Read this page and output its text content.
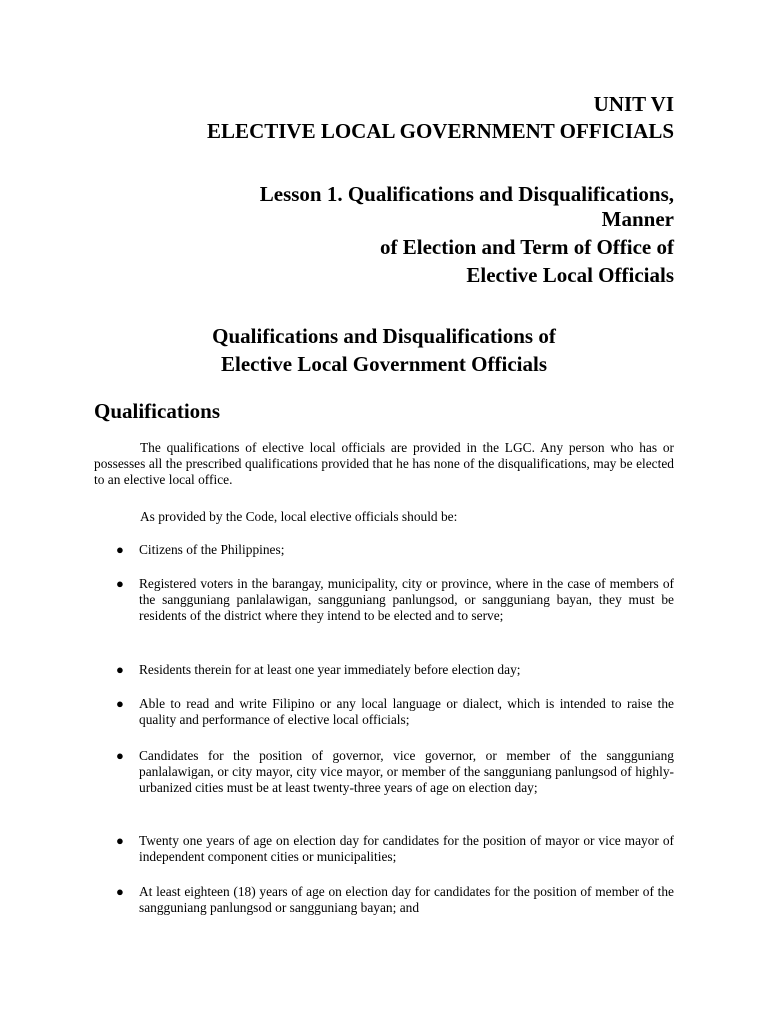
UNIT VI
ELECTIVE LOCAL GOVERNMENT OFFICIALS
Lesson 1. Qualifications and Disqualifications,
Manner
of Election and Term of Office of
Elective Local Officials
Qualifications and Disqualifications of
Elective Local Government Officials
Qualifications

The qualifications of elective local officials are provided in the LGC. Any person who has or possesses all the prescribed qualifications provided that he has none of the disqualifications, may be elected to an elective local office.

As provided by the Code, local elective officials should be:

● Citizens of the Philippines;
● Registered voters in the barangay, municipality, city or province, where in the case of members of the sangguniang panlalawigan, sangguniang panlungsod, or sangguniang bayan, they must be residents of the district where they intend to be elected and to serve;
● Residents therein for at least one year immediately before election day;
● Able to read and write Filipino or any local language or dialect, which is intended to raise the quality and performance of elective local officials;
● Candidates for the position of governor, vice governor, or member of the sangguniang panlalawigan, or city mayor, city vice mayor, or member of the sangguniang panlungsod of highly-urbanized cities must be at least twenty-three years of age on election day;
● Twenty one years of age on election day for candidates for the position of mayor or vice mayor of independent component cities or municipalities;
● At least eighteen (18) years of age on election day for candidates for the position of member of the sangguniang panlungsod or sangguniang bayan; and
